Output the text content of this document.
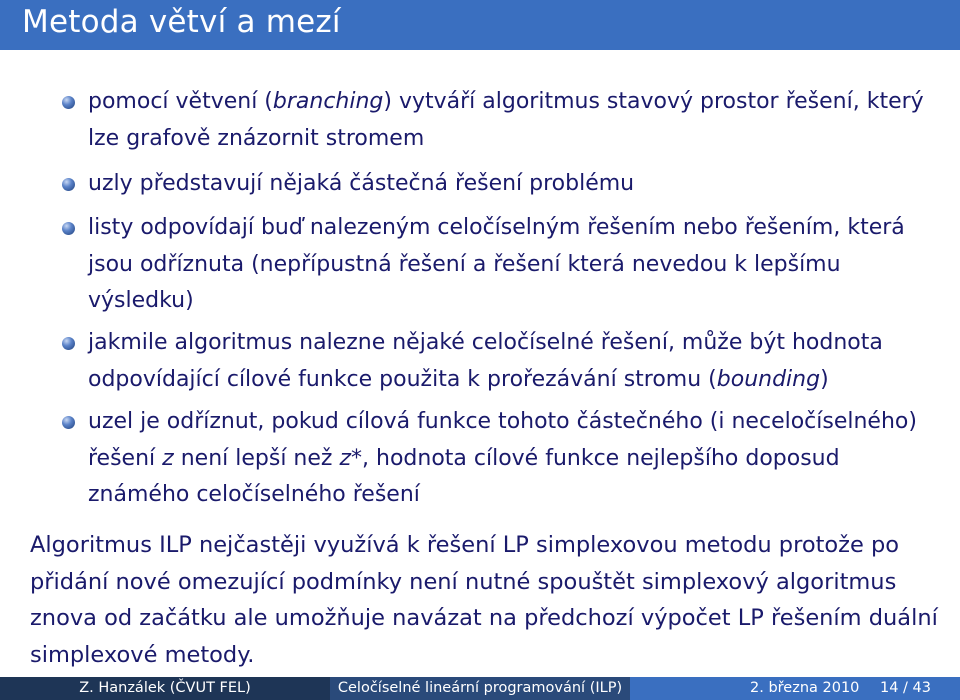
Metoda větví a mezí
pomocí větvení (branching) vytváří algoritmus stavový prostor řešení, který lze grafově znázornit stromem
uzly představují nějaká částečná řešení problému
listy odpovídají buď nalezeným celočíselným řešením nebo řešením, která jsou odříznuta (nepřípustná řešení a řešení která nevedou k lepšímu výsledku)
jakmile algoritmus nalezne nějaké celočíselné řešení, může být hodnota odpovídající cílové funkce použita k prořezávání stromu (bounding)
uzel je odříznut, pokud cílová funkce tohoto částečného (i neceločíselného) řešení z není lepší než z*, hodnota cílové funkce nejlepšího doposud známého celočíselného řešení
Algoritmus ILP nejčastěji využívá k řešení LP simplexovou metodu protože po přidání nové omezující podmínky není nutné spouštět simplexový algoritmus znova od začátku ale umožňuje navázat na předchozí výpočet LP řešením duální simplexové metody.
Z. Hanzálek (ČVUT FEL)	Celočíselné lineární programování (ILP)	2. března 2010 14 / 43
